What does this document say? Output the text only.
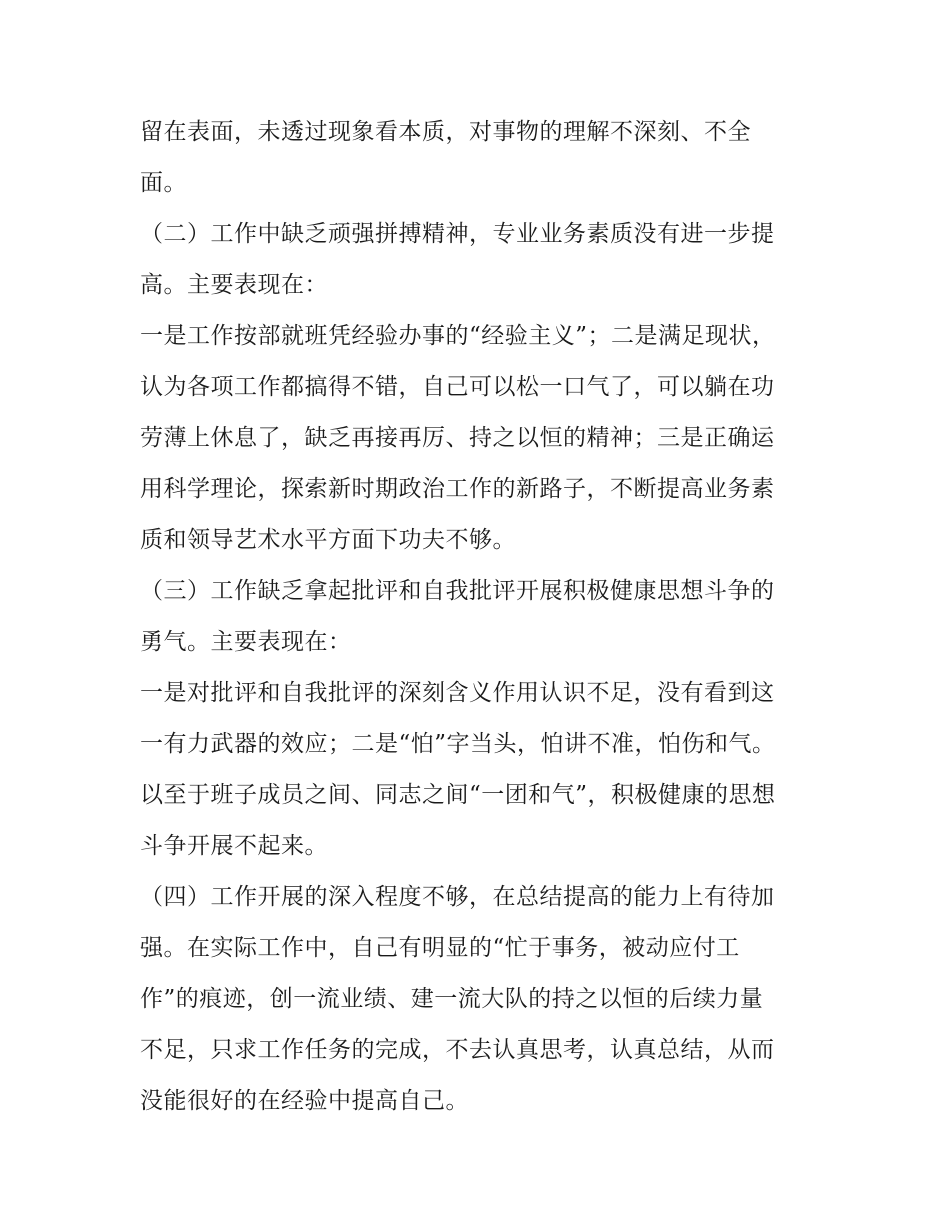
留在表面，未透过现象看本质，对事物的理解不深刻、不全
面。
（二）工作中缺乏顽强拼搏精神，专业业务素质没有进一步提
高。主要表现在：
一是工作按部就班凭经验办事的“经验主义”；二是满足现状，
认为各项工作都搞得不错，自己可以松一口气了，可以躺在功
劳薄上休息了，缺乏再接再厉、持之以恒的精神；三是正确运
用科学理论，探索新时期政治工作的新路子，不断提高业务素
质和领导艺术水平方面下功夫不够。
（三）工作缺乏拿起批评和自我批评开展积极健康思想斗争的
勇气。主要表现在：
一是对批评和自我批评的深刻含义作用认识不足，没有看到这
一有力武器的效应；二是“怕”字当头，怕讲不准，怕伤和气。
以至于班子成员之间、同志之间“一团和气”，积极健康的思想
斗争开展不起来。
（四）工作开展的深入程度不够，在总结提高的能力上有待加
强。在实际工作中，自己有明显的“忙于事务，被动应付工
作”的痕迹，创一流业绩、建一流大队的持之以恒的后续力量
不足，只求工作任务的完成，不去认真思考，认真总结，从而
没能很好的在经验中提高自己。
